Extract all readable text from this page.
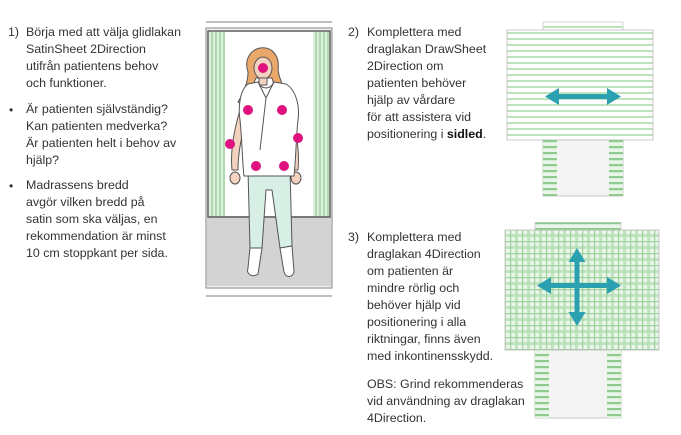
1) Börja med att välja glidlakan

SatinSheet 2Direction

utifrån patientens behov

och funktioner.

• Är patienten självständig?

Kan patienten medverka?

Är patienten helt i behov av

hjälp?

• Madrassens bredd

avgör vilken bredd på

satin som ska väljas, en

rekommendation är minst

10 cm stoppkant per sida.

2) Komplettera med

draglakan DrawSheet

2Direction om

patienten behöver

hjälp av vårdare

för att assistera vid

positionering i sidled.

3) Komplettera med

draglakan 4Direction

om patienten är

mindre rörlig och

behöver hjälp vid

positionering i alla

riktningar, finns även

med inkontinensskydd.

OBS: Grind rekommenderas

vid användning av draglakan

4Direction.
